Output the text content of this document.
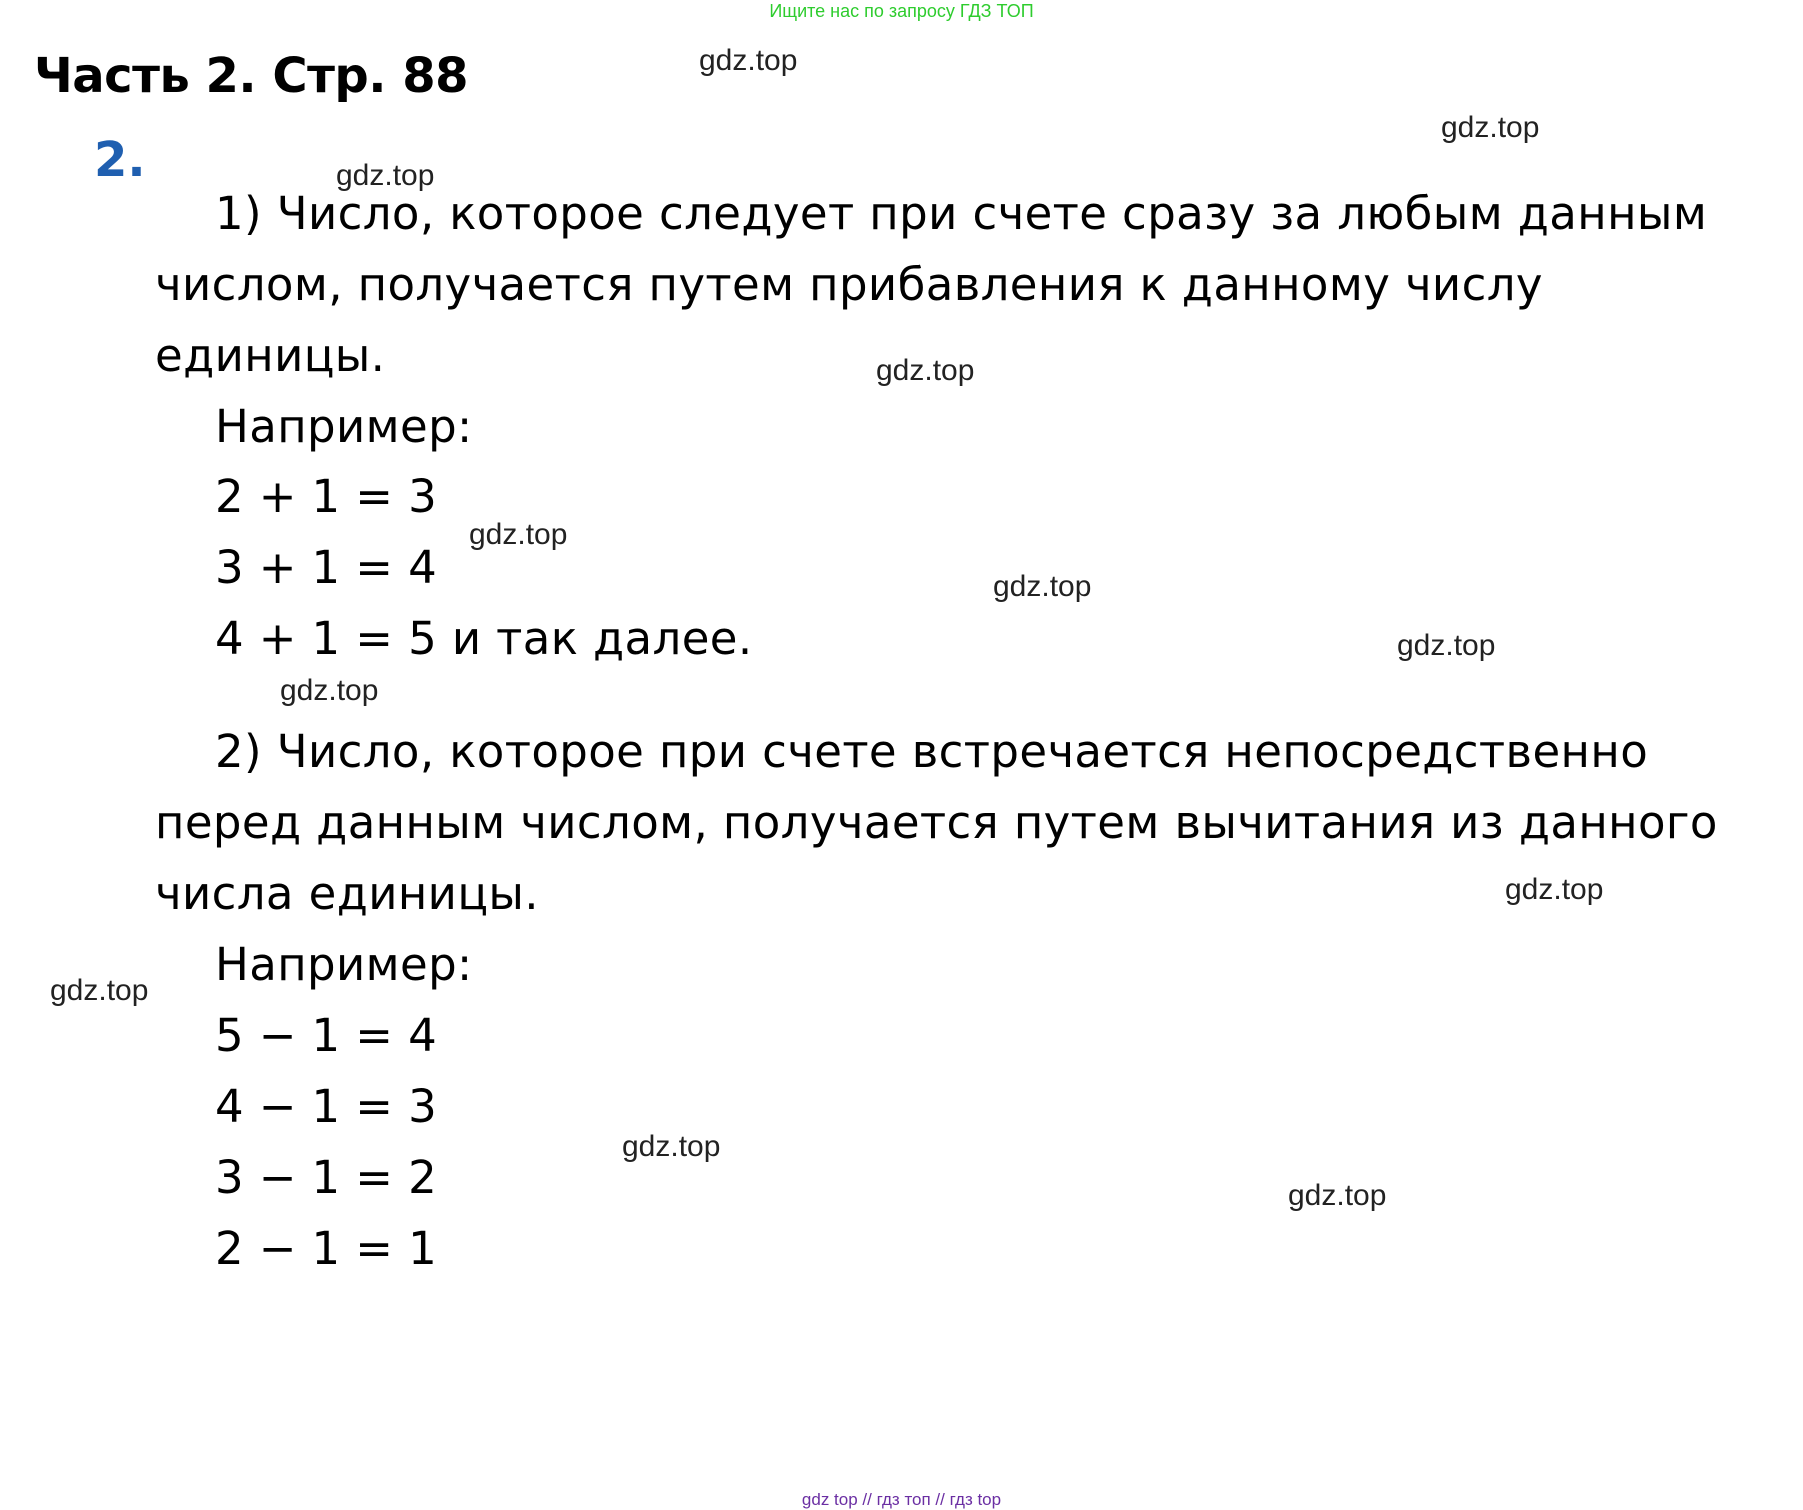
Ищите нас по запросу ГДЗ ТОП
Часть 2. Стр. 88
2.
1) Число, которое следует при счете сразу за любым данным
числом, получается путем прибавления к данному числу
единицы.
Например:
2 + 1 = 3
3 + 1 = 4
4 + 1 = 5 и так далее.
2) Число, которое при счете встречается непосредственно
перед данным числом, получается путем вычитания из данного
числа единицы.
Например:
5 − 1 = 4
4 − 1 = 3
3 − 1 = 2
2 − 1 = 1
gdz.top
gdz.top
gdz.top
gdz.top
gdz.top
gdz.top
gdz.top
gdz.top
gdz.top
gdz.top
gdz.top
gdz.top
gdz top // гдз топ // гдз top
